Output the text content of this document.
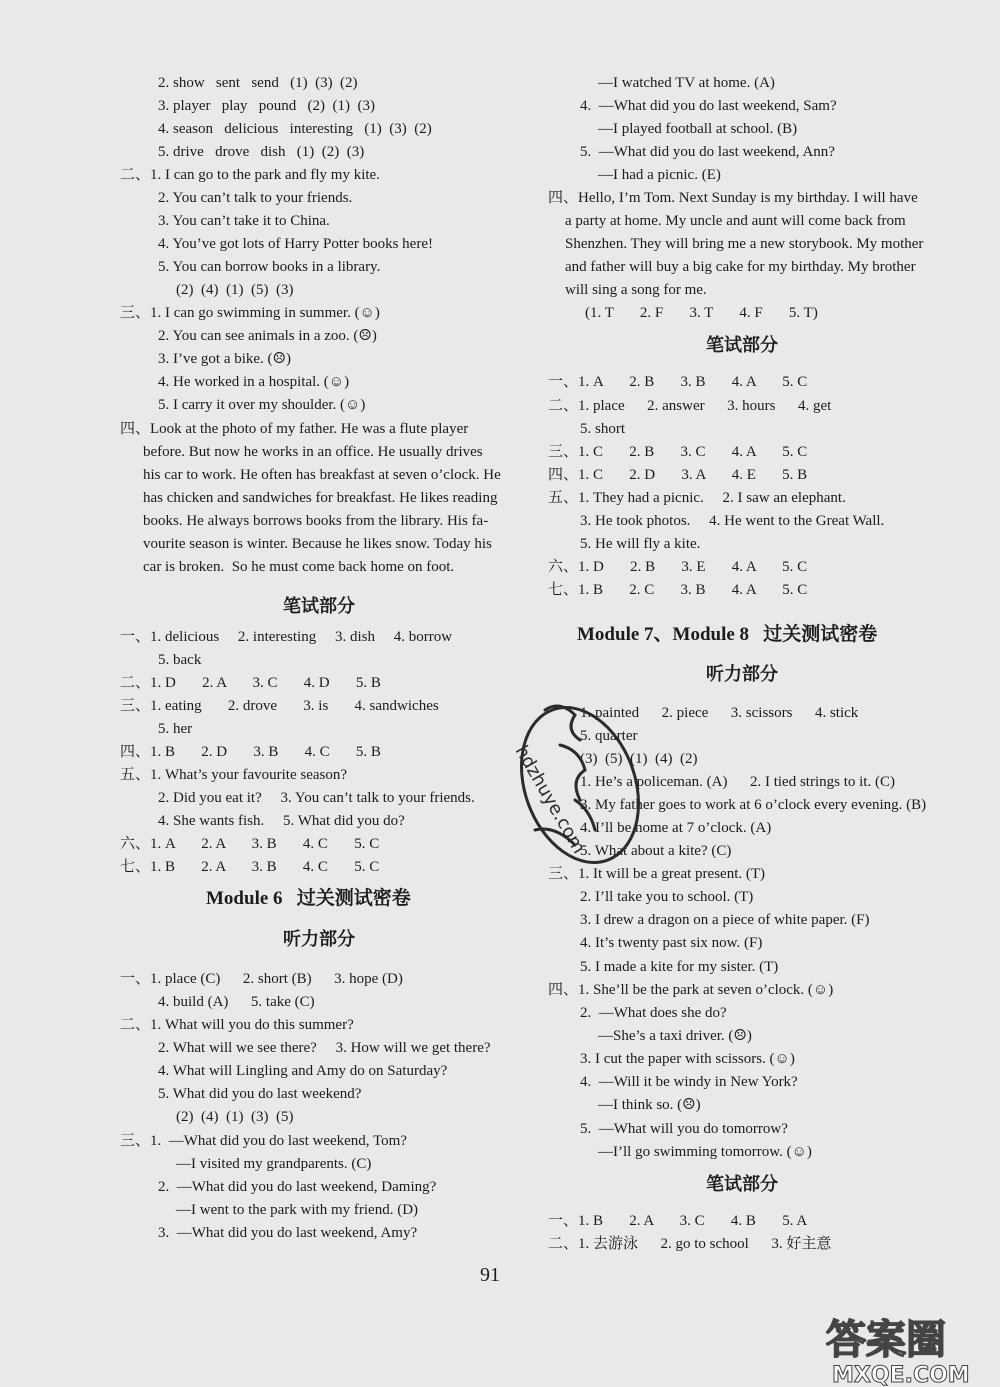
2. show   sent   send   (1)  (3)  (2)
3. player   play   pound   (2)  (1)  (3)
4. season   delicious   interesting   (1)  (3)  (2)
5. drive   drove   dish   (1)  (2)  (3)
二、1. I can go to the park and fly my kite.
2. You can’t talk to your friends.
3. You can’t take it to China.
4. You’ve got lots of Harry Potter books here!
5. You can borrow books in a library.
(2)  (4)  (1)  (5)  (3)
三、1. I can go swimming in summer. (☺)
2. You can see animals in a zoo. (☹)
3. I’ve got a bike. (☹)
4. He worked in a hospital. (☺)
5. I carry it over my shoulder. (☺)
四、Look at the photo of my father. He was a flute player
before. But now he works in an office. He usually drives
his car to work. He often has breakfast at seven o’clock. He
has chicken and sandwiches for breakfast. He likes reading
books. He always borrows books from the library. His fa-
vourite season is winter. Because he likes snow. Today his
car is broken.  So he must come back home on foot.
一、1. delicious     2. interesting     3. dish     4. borrow
5. back
二、1. D       2. A       3. C       4. D       5. B
三、1. eating       2. drove       3. is       4. sandwiches
5. her
四、1. B       2. D       3. B       4. C       5. B
五、1. What’s your favourite season?
2. Did you eat it?     3. You can’t talk to your friends.
4. She wants fish.     5. What did you do?
六、1. A       2. A       3. B       4. C       5. C
七、1. B       2. A       3. B       4. C       5. C
一、1. place (C)      2. short (B)      3. hope (D)
4. build (A)      5. take (C)
二、1. What will you do this summer?
2. What will we see there?     3. How will we get there?
4. What will Lingling and Amy do on Saturday?
5. What did you do last weekend?
(2)  (4)  (1)  (3)  (5)
三、1.  —What did you do last weekend, Tom?
—I visited my grandparents. (C)
2.  —What did you do last weekend, Daming?
—I went to the park with my friend. (D)
3.  —What did you do last weekend, Amy?
笔试部分
Module 6   过关测试密卷
听力部分
—I watched TV at home. (A)
4.  —What did you do last weekend, Sam?
—I played football at school. (B)
5.  —What did you do last weekend, Ann?
—I had a picnic. (E)
四、Hello, I’m Tom. Next Sunday is my birthday. I will have
a party at home. My uncle and aunt will come back from
Shenzhen. They will bring me a new storybook. My mother
and father will buy a big cake for my birthday. My brother
will sing a song for me.
(1. T       2. F       3. T       4. F       5. T)
一、1. A       2. B       3. B       4. A       5. C
二、1. place      2. answer      3. hours      4. get
5. short
三、1. C       2. B       3. C       4. A       5. C
四、1. C       2. D       3. A       4. E       5. B
五、1. They had a picnic.     2. I saw an elephant.
3. He took photos.     4. He went to the Great Wall.
5. He will fly a kite.
六、1. D       2. B       3. E       4. A       5. C
七、1. B       2. C       3. B       4. A       5. C
1. painted      2. piece      3. scissors      4. stick
5. quarter
(3)  (5)  (1)  (4)  (2)
1. He’s a policeman. (A)      2. I tied strings to it. (C)
3. My father goes to work at 6 o’clock every evening. (B)
4. I’ll be home at 7 o’clock. (A)
5. What about a kite? (C)
三、1. It will be a great present. (T)
2. I’ll take you to school. (T)
3. I drew a dragon on a piece of white paper. (F)
4. It’s twenty past six now. (F)
5. I made a kite for my sister. (T)
四、1. She’ll be the park at seven o’clock. (☺)
2.  —What does she do?
—She’s a taxi driver. (☹)
3. I cut the paper with scissors. (☺)
4.  —Will it be windy in New York?
—I think so. (☹)
5.  —What will you do tomorrow?
—I’ll go swimming tomorrow. (☺)
一、1. B       2. A       3. C       4. B       5. A
二、1. 去游泳      2. go to school      3. 好主意
笔试部分
Module 7、Module 8   过关测试密卷
听力部分
笔试部分
91
hdzhuye.com
答案圈
MXQE.COM
